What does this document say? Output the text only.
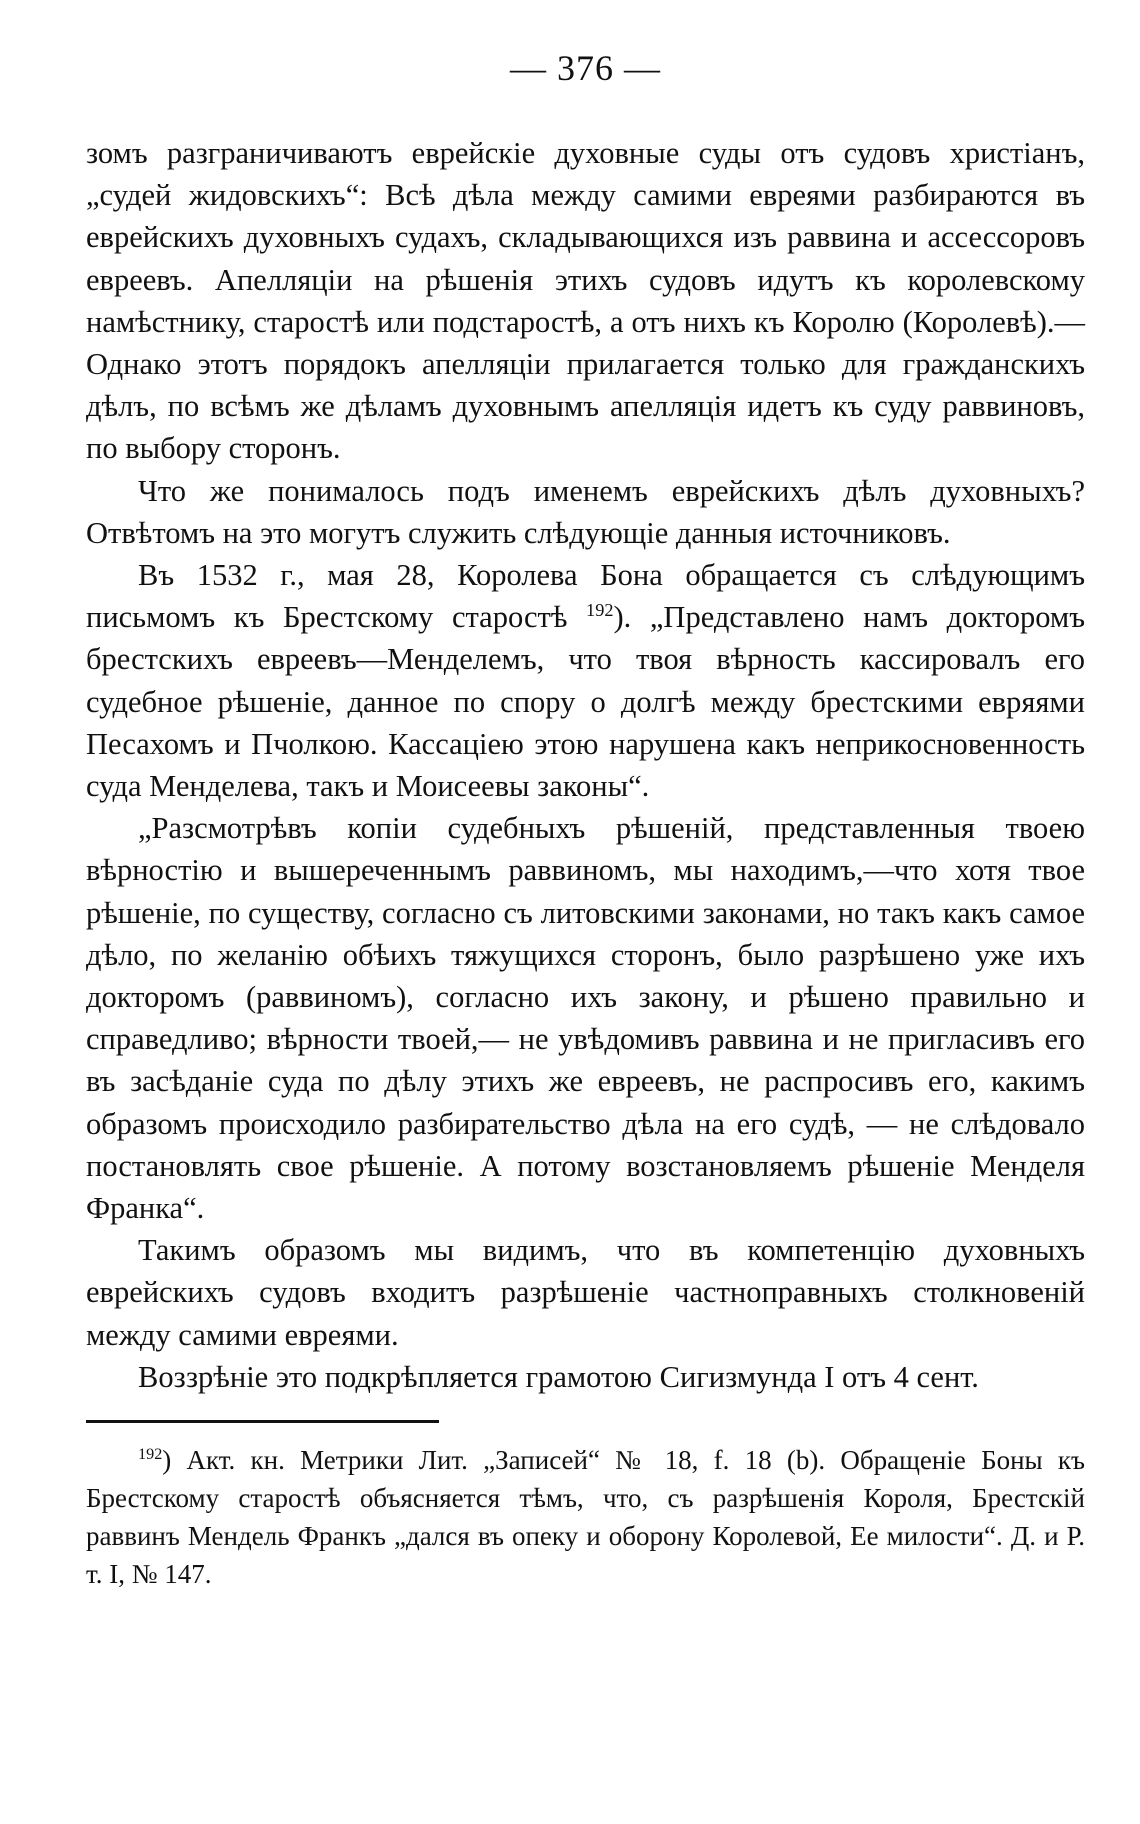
— 376 —

зомъ разграничиваютъ еврейскіе духовные суды отъ судовъ христіанъ, „судей жидовскихъ“: Всѣ дѣла между самими евреями разбираются въ еврейскихъ духовныхъ судахъ, складывающихся изъ раввина и ассессоровъ евреевъ. Апелляціи на рѣшенія этихъ судовъ идутъ къ королевскому намѣстнику, старостѣ или подстаростѣ, а отъ нихъ къ Королю (Королевѣ).—Однако этотъ порядокъ апелляціи прилагается только для гражданскихъ дѣлъ, по всѣмъ же дѣламъ духовнымъ апелляція идетъ къ суду раввиновъ, по выбору сторонъ.

Что же понималось подъ именемъ еврейскихъ дѣлъ духовныхъ? Отвѣтомъ на это могутъ служить слѣдующіе данныя источниковъ.

Въ 1532 г., мая 28, Королева Бона обращается съ слѣдующимъ письмомъ къ Брестскому старостѣ $^{192}$). „Представлено намъ докторомъ брестскихъ евреевъ—Менделемъ, что твоя вѣрность кассировалъ его судебное рѣшеніе, данное по спору о долгѣ между брестскими евряями Песахомъ и Пчолкою. Кассаціею этою нарушена какъ неприкосновенность суда Менделева, такъ и Моисеевы законы“.

„Разсмотрѣвъ копіи судебныхъ рѣшеній, представленныя твоею вѣрностію и вышереченнымъ раввиномъ, мы находимъ,—что хотя твое рѣшеніе, по существу, согласно съ литовскими законами, но такъ какъ самое дѣло, по желанію обѣихъ тяжущихся сторонъ, было разрѣшено уже ихъ докторомъ (раввиномъ), согласно ихъ закону, и рѣшено правильно и справедливо; вѣрности твоей,— не увѣдомивъ раввина и не пригласивъ его въ засѣданіе суда по дѣлу этихъ же евреевъ, не распросивъ его, какимъ образомъ происходило разбирательство дѣла на его судѣ, — не слѣдовало постановлять свое рѣшеніе. А потому возстановляемъ рѣшеніе Менделя Франка“.

Такимъ образомъ мы видимъ, что въ компетенцію духовныхъ еврейскихъ судовъ входитъ разрѣшеніе частноправныхъ столкновеній между самими евреями.

Воззрѣніе это подкрѣпляется грамотою Сигизмунда I отъ 4 сент.

$^{192}$) Акт. кн. Метрики Лит. „Записей“ № 18, f. 18 (b). Обращеніе Боны къ Брестскому старостѣ объясняется тѣмъ, что, съ разрѣшенія Короля, Брестскій раввинъ Мендель Франкъ „дался въ опеку и оборону Королевой, Ее милости“. Д. и Р. т. I, № 147.
